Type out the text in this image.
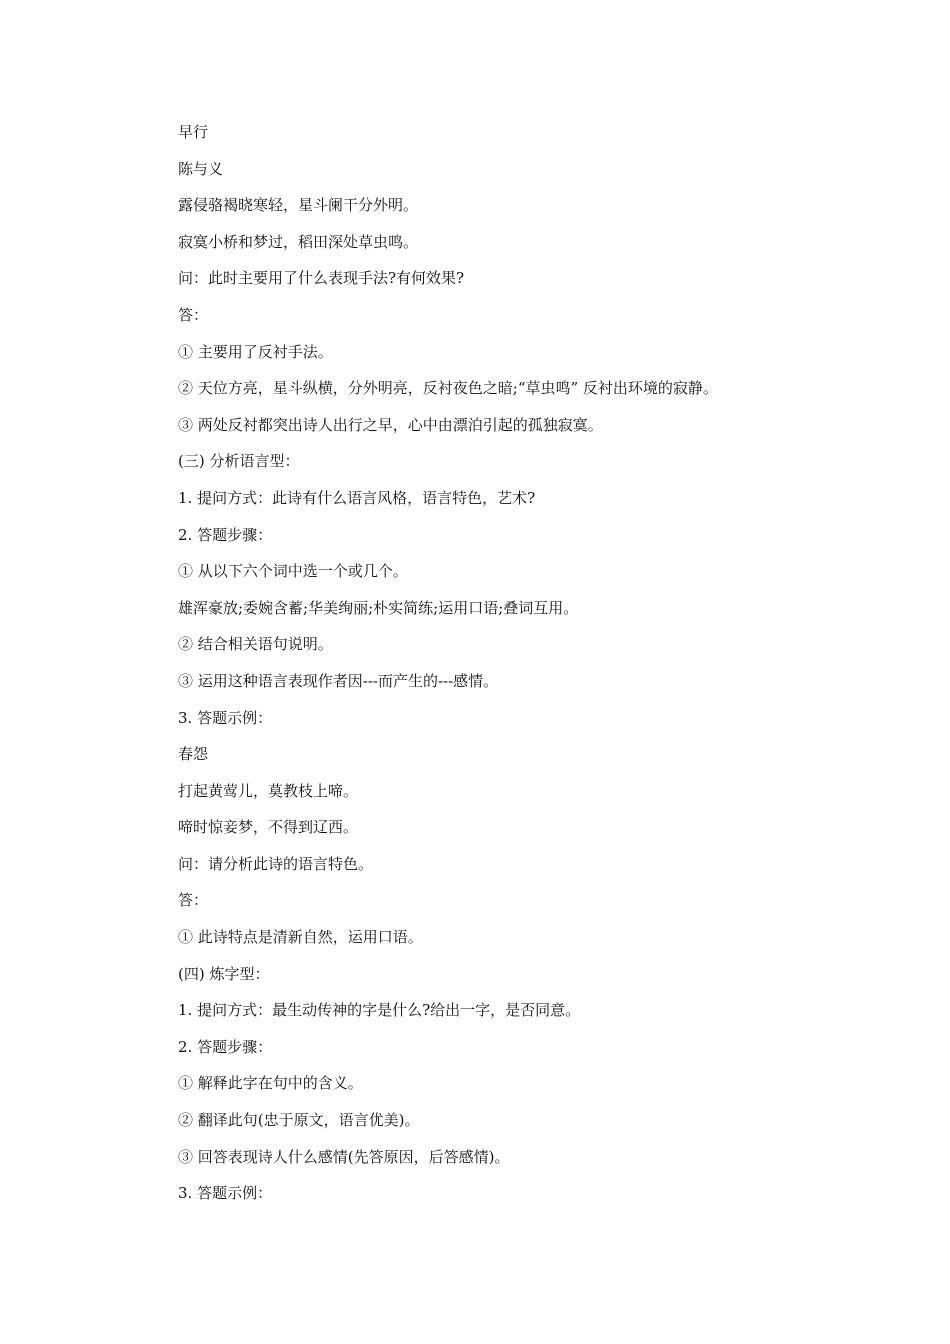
早行
陈与义
露侵骆褐晓寒轻，星斗阑干分外明。
寂寞小桥和梦过，稻田深处草虫鸣。
问：此时主要用了什么表现手法?有何效果?
答：
① 主要用了反衬手法。
② 天位方亮，星斗纵横，分外明亮，反衬夜色之暗;“草虫鸣” 反衬出环境的寂静。
③ 两处反衬都突出诗人出行之早，心中由漂泊引起的孤独寂寞。
(三) 分析语言型：
1. 提问方式：此诗有什么语言风格，语言特色，艺术?
2. 答题步骤：
① 从以下六个词中选一个或几个。
雄浑豪放;委婉含蓄;华美绚丽;朴实简练;运用口语;叠词互用。
② 结合相关语句说明。
③ 运用这种语言表现作者因---而产生的---感情。
3. 答题示例：
春怨
打起黄莺儿，莫教枝上啼。
啼时惊妾梦，不得到辽西。
问：请分析此诗的语言特色。
答：
① 此诗特点是清新自然，运用口语。
(四) 炼字型：
1. 提问方式：最生动传神的字是什么?给出一字，是否同意。
2. 答题步骤：
① 解释此字在句中的含义。
② 翻译此句(忠于原文，语言优美)。
③ 回答表现诗人什么感情(先答原因，后答感情)。
3. 答题示例：
